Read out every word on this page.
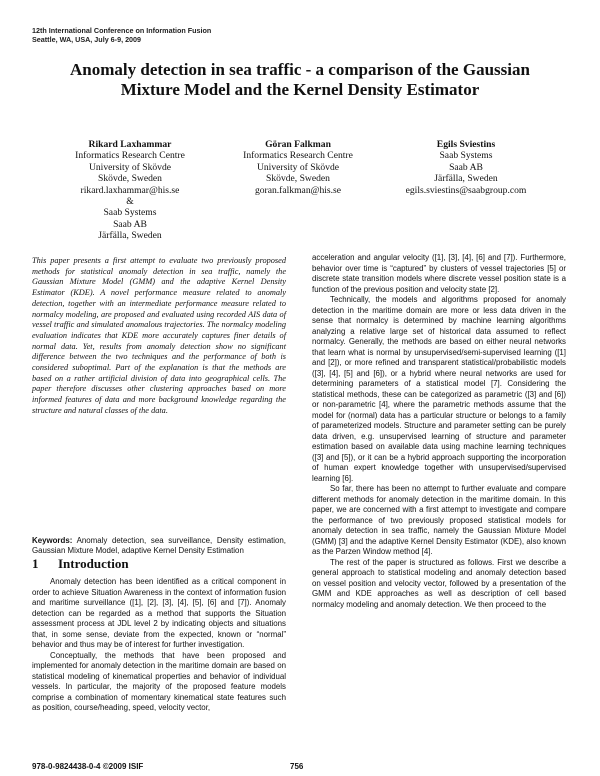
12th International Conference on Information Fusion
Seattle, WA, USA, July 6-9, 2009
Anomaly detection in sea traffic - a comparison of the Gaussian Mixture Model and the Kernel Density Estimator
Rikard Laxhammar
Informatics Research Centre
University of Skövde
Skövde, Sweden
rikard.laxhammar@his.se
&
Saab Systems
Saab AB
Järfälla, Sweden
Göran Falkman
Informatics Research Centre
University of Skövde
Skövde, Sweden
goran.falkman@his.se
Egils Sviestins
Saab Systems
Saab AB
Järfälla, Sweden
egils.sviestins@saabgroup.com
This paper presents a first attempt to evaluate two previously proposed methods for statistical anomaly detection in sea traffic, namely the Gaussian Mixture Model (GMM) and the adaptive Kernel Density Estimator (KDE). A novel performance measure related to anomaly detection, together with an intermediate performance measure related to normalcy modeling, are proposed and evaluated using recorded AIS data of vessel traffic and simulated anomalous trajectories. The normalcy modeling evaluation indicates that KDE more accurately captures finer details of normal data. Yet, results from anomaly detection show no significant difference between the two techniques and the performance of both is considered suboptimal. Part of the explanation is that the methods are based on a rather artificial division of data into geographical cells. The paper therefore discusses other clustering approaches based on more informed features of data and more background knowledge regarding the structure and natural classes of the data.
Keywords: Anomaly detection, sea surveillance, Density estimation, Gaussian Mixture Model, adaptive Kernel Density Estimation
1 Introduction

Anomaly detection has been identified as a critical component in order to achieve Situation Awareness in the context of information fusion and maritime surveillance ([1], [2], [3], [4], [5], [6] and [7]). Anomaly detection can be regarded as a method that supports the Situation assessment process at JDL level 2 by indicating objects and situations that, in some sense, deviate from the expected, known or “normal” behavior and thus may be of interest for further investigation.

Conceptually, the methods that have been proposed and implemented for anomaly detection in the maritime domain are based on statistical modeling of kinematical properties and behavior of individual vessels. In particular, the majority of the proposed feature models comprise a combination of momentary kinematical state features such as position, course/heading, speed, velocity vector,

acceleration and angular velocity ([1], [3], [4], [6] and [7]). Furthermore, behavior over time is “captured” by clusters of vessel trajectories [5] or discrete state transition models where discrete vessel position state is a function of the previous position and velocity state [2].

Technically, the models and algorithms proposed for anomaly detection in the maritime domain are more or less data driven in the sense that normalcy is determined by machine learning algorithms analyzing a relative large set of historical data assumed to reflect normalcy. Generally, the methods are based on either neural networks that learn what is normal by unsupervised/semi-supervised learning ([1] and [2]), or more refined and transparent statistical/probabilistic models ([3], [4], [5] and [6]), or a hybrid where neural networks are used for determining parameters of a statistical model [7]. Considering the statistical methods, these can be categorized as parametric ([3] and [6]) or non-parametric [4], where the parametric methods assume that the model for (normal) data has a particular structure or belongs to a family of parameterized models. Structure and parameter setting can be purely data driven, e.g. unsupervised learning of structure and parameter estimation based on available data using machine learning techniques ([3] and [5]), or it can be a hybrid approach supporting the incorporation of human expert knowledge together with unsupervised/supervised learning [6].

So far, there has been no attempt to further evaluate and compare different methods for anomaly detection in the maritime domain. In this paper, we are concerned with a first attempt to investigate and compare the performance of two previously proposed statistical models for anomaly detection in sea traffic, namely the Gaussian Mixture Model (GMM) [3] and the adaptive Kernel Density Estimator (KDE), also known as the Parzen Window method [4].

The rest of the paper is structured as follows. First we describe a general approach to statistical modeling and anomaly detection based on vessel position and velocity vector, followed by a presentation of the GMM and KDE approaches as well as description of cell based normalcy modeling and anomaly detection. We then proceed to the

978-0-9824438-0-4 ©2009 ISIF	756
